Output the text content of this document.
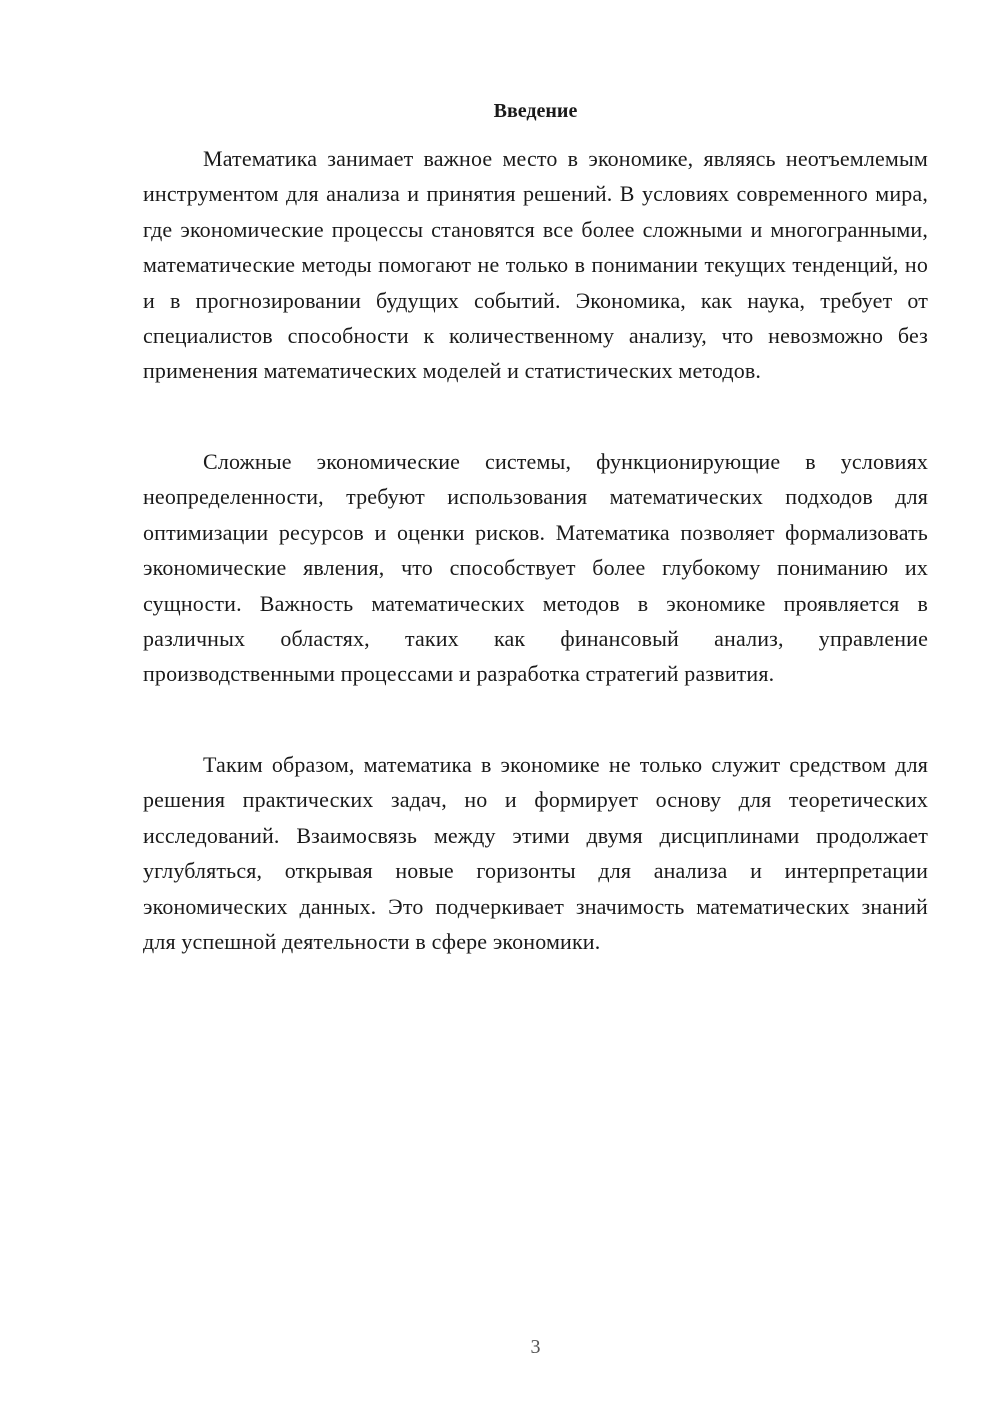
Введение

Математика занимает важное место в экономике, являясь неотъемлемым инструментом для анализа и принятия решений. В условиях современного мира, где экономические процессы становятся все более сложными и многогранными, математические методы помогают не только в понимании текущих тенденций, но и в прогнозировании будущих событий. Экономика, как наука, требует от специалистов способности к количественному анализу, что невозможно без применения математических моделей и статистических методов.

Сложные экономические системы, функционирующие в условиях неопределенности, требуют использования математических подходов для оптимизации ресурсов и оценки рисков. Математика позволяет формализовать экономические явления, что способствует более глубокому пониманию их сущности. Важность математических методов в экономике проявляется в различных областях, таких как финансовый анализ, управление производственными процессами и разработка стратегий развития.

Таким образом, математика в экономике не только служит средством для решения практических задач, но и формирует основу для теоретических исследований. Взаимосвязь между этими двумя дисциплинами продолжает углубляться, открывая новые горизонты для анализа и интерпретации экономических данных. Это подчеркивает значимость математических знаний для успешной деятельности в сфере экономики.

3
